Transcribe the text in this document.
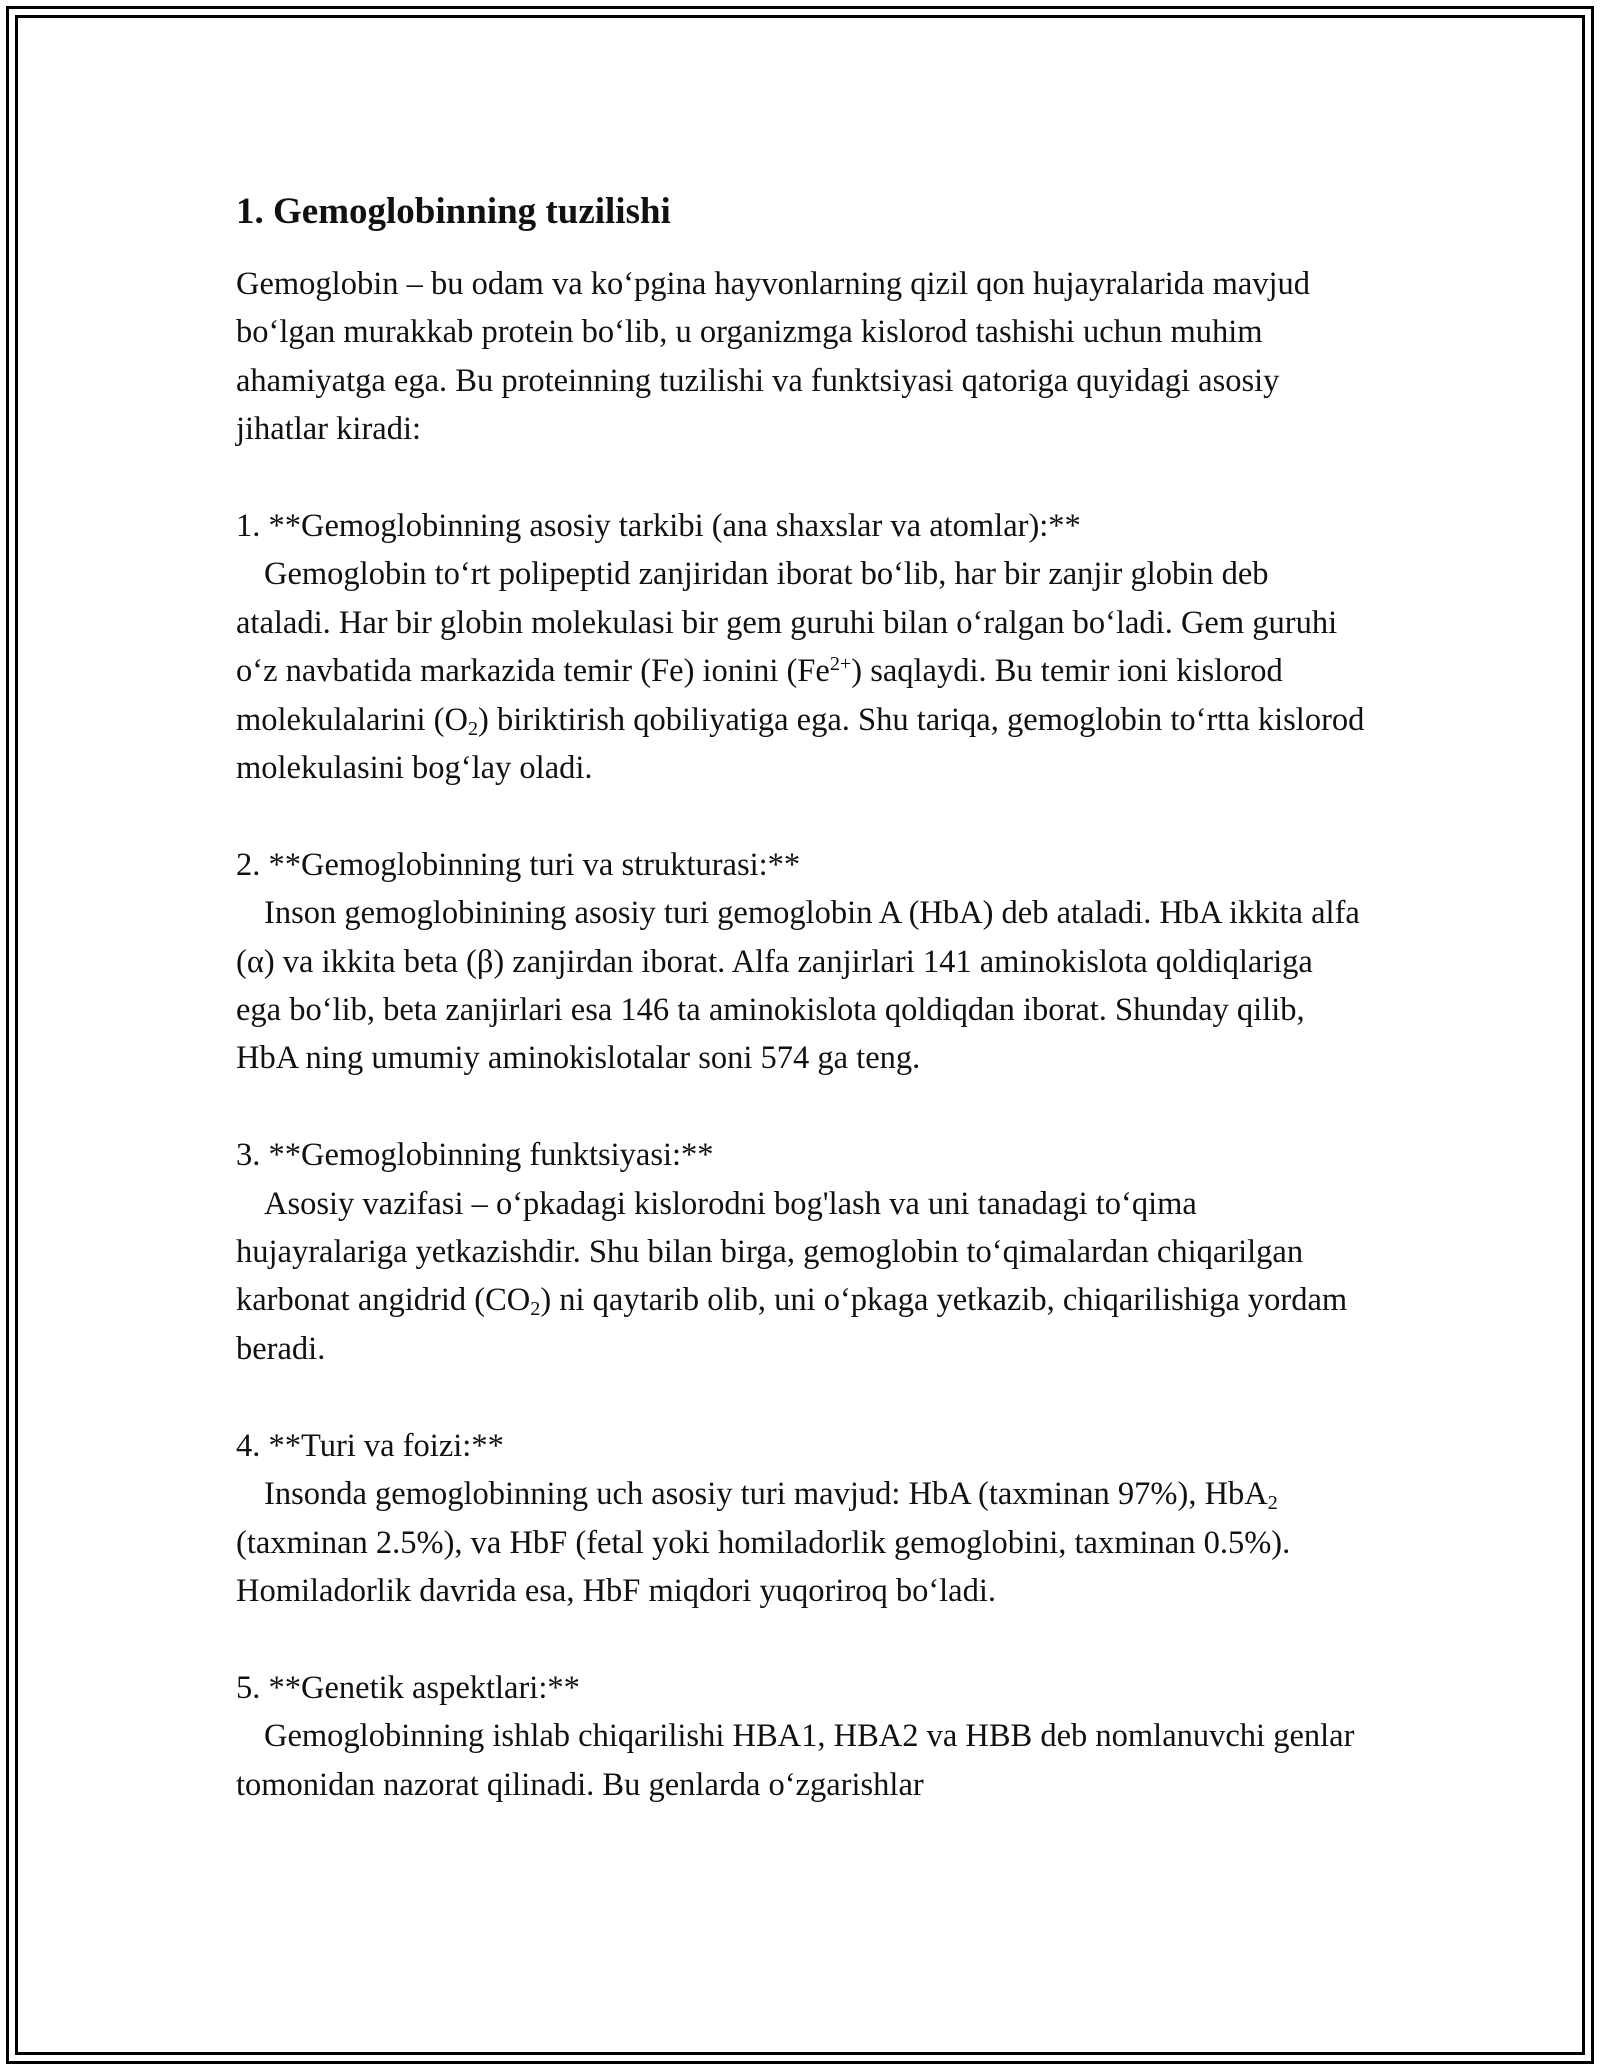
1. Gemoglobinning tuzilishi

Gemoglobin – bu odam va ko‘pgina hayvonlarning qizil qon hujayralarida mavjud bo‘lgan murakkab protein bo‘lib, u organizmga kislorod tashishi uchun muhim ahamiyatga ega. Bu proteinning tuzilishi va funktsiyasi qatoriga quyidagi asosiy jihatlar kiradi:

1. **Gemoglobinning asosiy tarkibi (ana shaxslar va atomlar):**

Gemoglobin to‘rt polipeptid zanjiridan iborat bo‘lib, har bir zanjir globin deb ataladi. Har bir globin molekulasi bir gem guruhi bilan o‘ralgan bo‘ladi. Gem guruhi o‘z navbatida markazida temir (Fe) ionini $(Fe^{2+})$ saqlaydi. Bu temir ioni kislorod molekulalarini $(O_2)$ biriktirish qobiliyatiga ega. Shu tariqa, gemoglobin to‘rtta kislorod molekulasini bog‘lay oladi.

2. **Gemoglobinning turi va strukturasi:**

Inson gemoglobinining asosiy turi gemoglobin A (HbA) deb ataladi. HbA ikkita alfa (α) va ikkita beta (β) zanjirdan iborat. Alfa zanjirlari 141 aminokislota qoldiqlariga ega bo‘lib, beta zanjirlari esa 146 ta aminokislota qoldiqdan iborat. Shunday qilib, HbA ning umumiy aminokislotalar soni 574 ga teng.

3. **Gemoglobinning funktsiyasi:**

Asosiy vazifasi – o‘pkadagi kislorodni bog'lash va uni tanadagi to‘qima hujayralariga yetkazishdir. Shu bilan birga, gemoglobin to‘qimalardan chiqarilgan karbonat angidrid $(CO_2)$ ni qaytarib olib, uni o‘pkaga yetkazib, chiqarilishiga yordam beradi.

4. **Turi va foizi:**

Insonda gemoglobinning uch asosiy turi mavjud: HbA (taxminan 97%), HbA$_2$ (taxminan 2.5%), va HbF (fetal yoki homiladorlik gemoglobini, taxminan 0.5%). Homiladorlik davrida esa, HbF miqdori yuqoriroq bo‘ladi.

5. **Genetik aspektlari:**

Gemoglobinning ishlab chiqarilishi HBA1, HBA2 va HBB deb nomlanuvchi genlar tomonidan nazorat qilinadi. Bu genlarda o‘zgarishlar
